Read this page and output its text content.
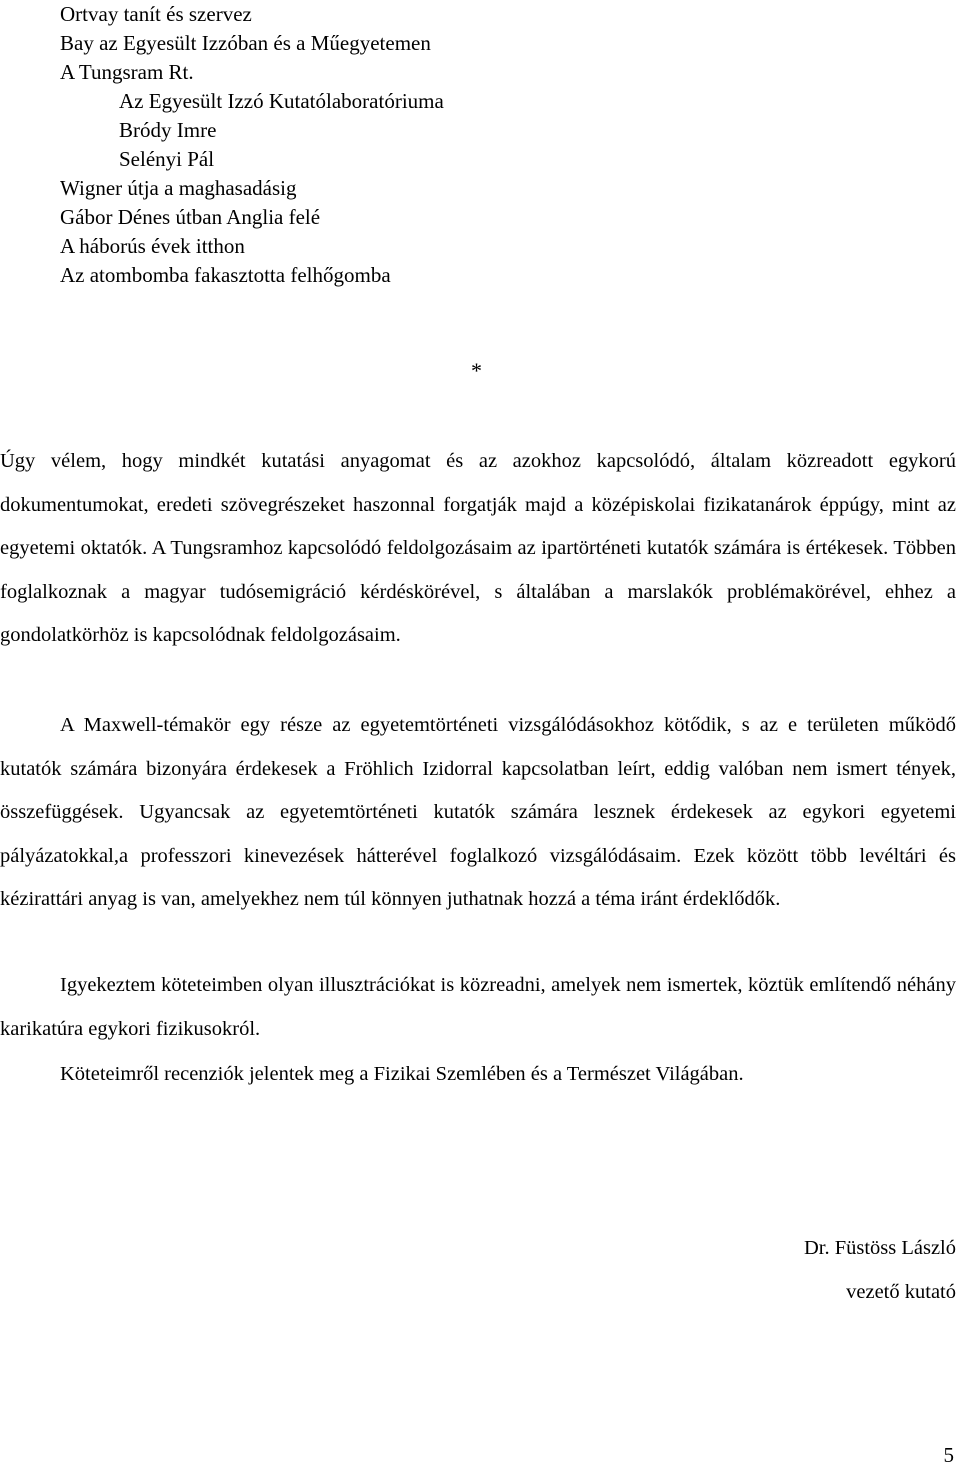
Ortvay tanít és szervez
Bay az Egyesült Izzóban és a Műegyetemen
A Tungsram Rt.
Az Egyesült Izzó Kutatólaboratóriuma
Bródy Imre
Selényi Pál
Wigner útja a maghasadásig
Gábor Dénes útban Anglia felé
A háborús évek itthon
Az atombomba fakasztotta felhőgomba
*

Úgy vélem, hogy mindkét kutatási anyagomat és az azokhoz kapcsolódó, általam közreadott egykorú dokumentumokat, eredeti szövegrészeket haszonnal forgatják majd a középiskolai fizikatanárok éppúgy, mint az egyetemi oktatók. A Tungsramhoz kapcsolódó feldolgozásaim az ipartörténeti kutatók számára is értékesek. Többen foglalkoznak a magyar tudósemigráció kérdéskörével, s általában a marslakók problémakörével, ehhez a gondolatkörhöz is kapcsolódnak feldolgozásaim.

A Maxwell-témakör egy része az egyetemtörténeti vizsgálódásokhoz kötődik, s az e területen működő kutatók számára bizonyára érdekesek a Fröhlich Izidorral kapcsolatban leírt, eddig valóban nem ismert tények, összefüggések. Ugyancsak az egyetemtörténeti kutatók számára lesznek érdekesek az egykori egyetemi pályázatokkal,a professzori kinevezések hátterével foglalkozó vizsgálódásaim. Ezek között több levéltári és kézirattári anyag is van, amelyekhez nem túl könnyen juthatnak hozzá a téma iránt érdeklődők.

Igyekeztem köteteimben olyan illusztrációkat is közreadni, amelyek nem ismertek, köztük említendő néhány karikatúra egykori fizikusokról.

Köteteimről recenziók jelentek meg a Fizikai Szemlében és a Természet Világában.

Dr. Füstöss László
vezető kutató
5
